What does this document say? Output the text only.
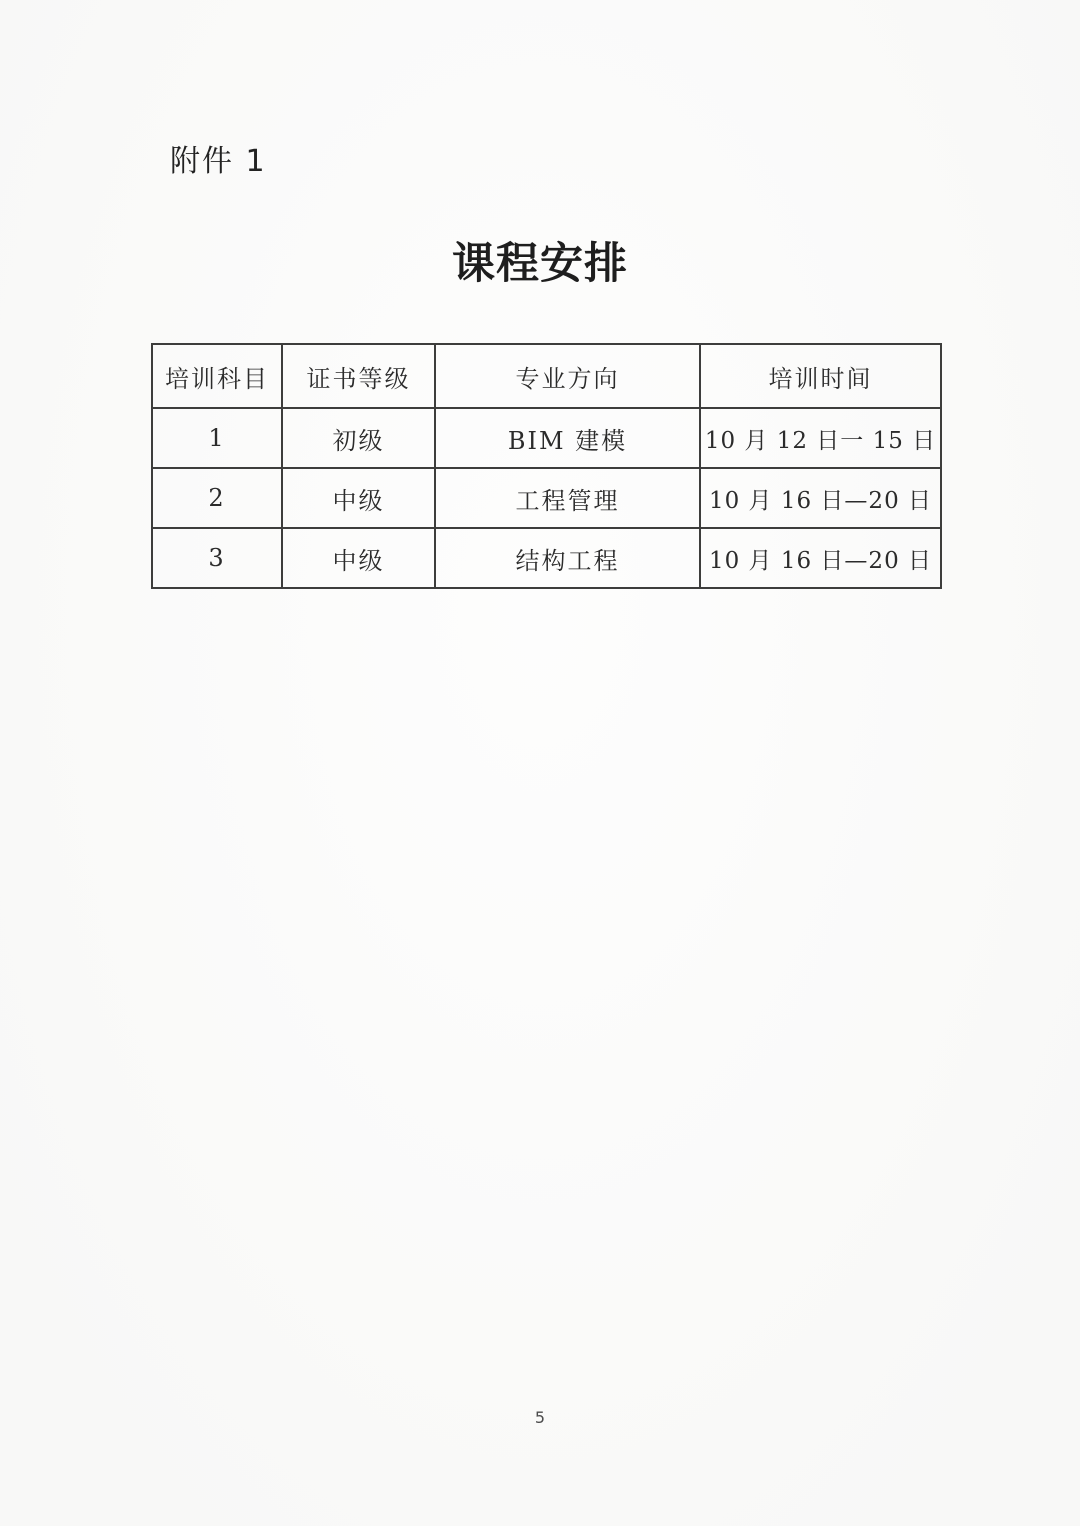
附件 1
课程安排
培训科目	证书等级	专业方向	培训时间
1	初级	BIM 建模	10 月 12 日一 15 日
2	中级	工程管理	10 月 16 日—20 日
3	中级	结构工程	10 月 16 日—20 日
5
